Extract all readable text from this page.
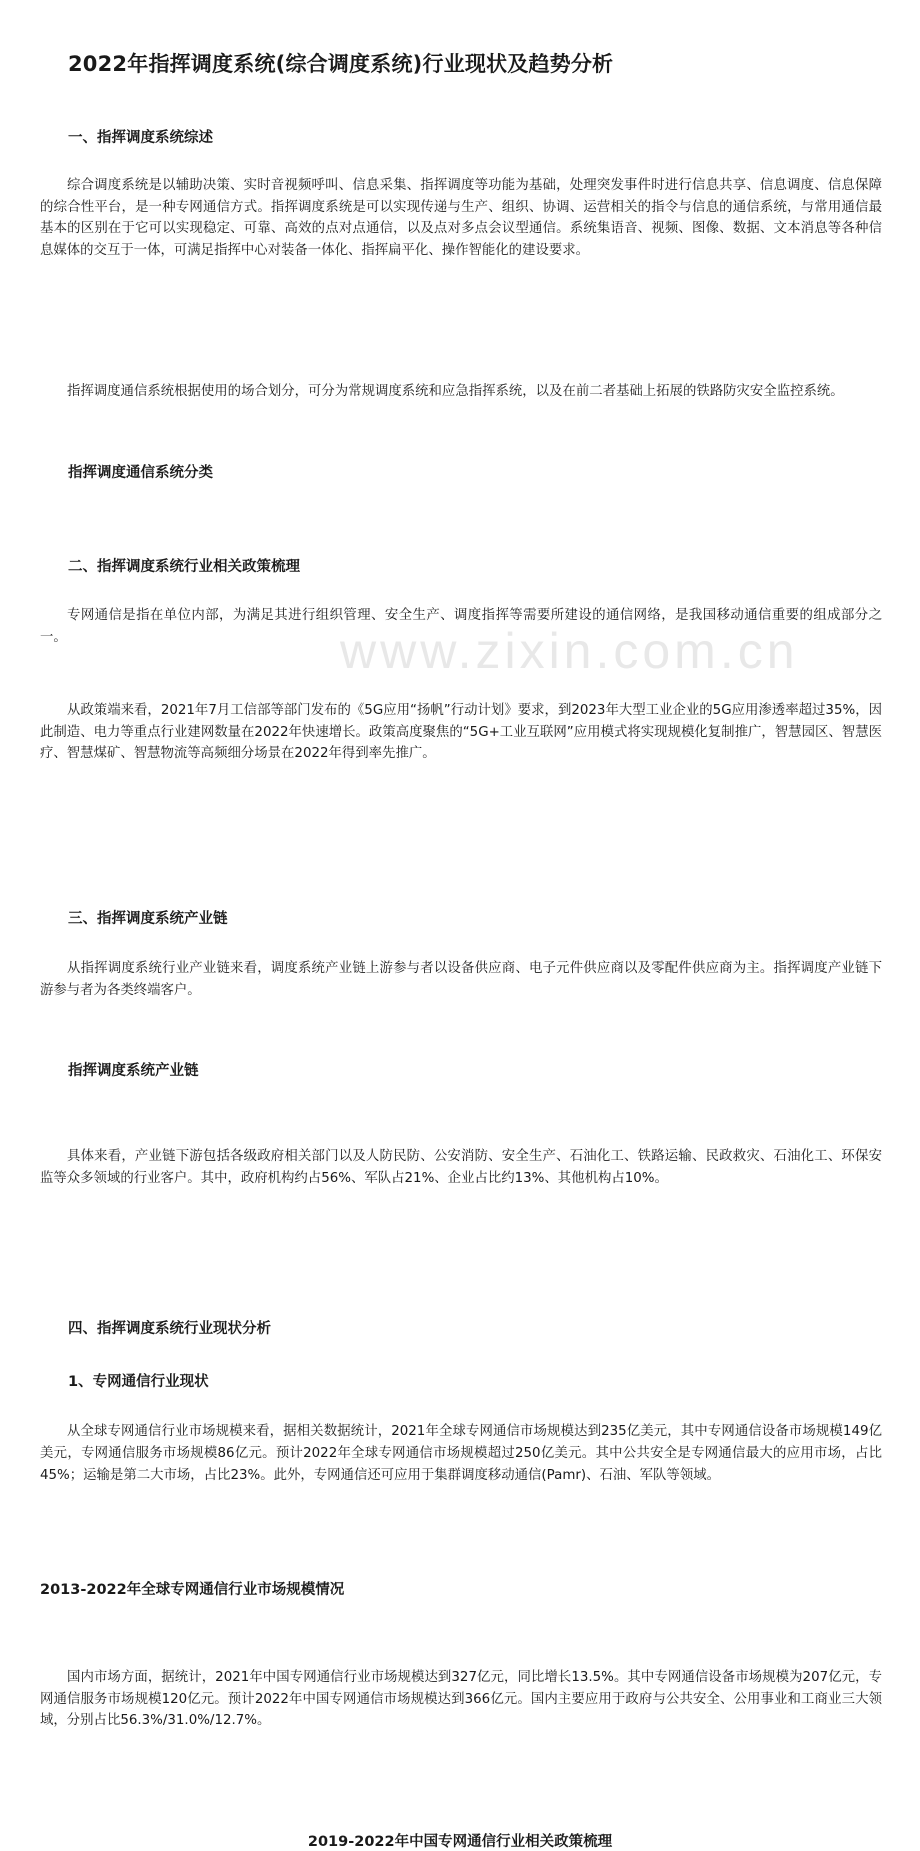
www.zixin.com.cn
2022年指挥调度系统(综合调度系统)行业现状及趋势分析
一、指挥调度系统综述
综合调度系统是以辅助决策、实时音视频呼叫、信息采集、指挥调度等功能为基础，处理突发事件时进行信息共享、信息调度、信息保障的综合性平台，是一种专网通信方式。指挥调度系统是可以实现传递与生产、组织、协调、运营相关的指令与信息的通信系统，与常用通信最基本的区别在于它可以实现稳定、可靠、高效的点对点通信，以及点对多点会议型通信。系统集语音、视频、图像、数据、文本消息等各种信息媒体的交互于一体，可满足指挥中心对装备一体化、指挥扁平化、操作智能化的建设要求。
指挥调度通信系统根据使用的场合划分，可分为常规调度系统和应急指挥系统，以及在前二者基础上拓展的铁路防灾安全监控系统。
指挥调度通信系统分类
二、指挥调度系统行业相关政策梳理
专网通信是指在单位内部，为满足其进行组织管理、安全生产、调度指挥等需要所建设的通信网络，是我国移动通信重要的组成部分之一。
从政策端来看，2021年7月工信部等部门发布的《5G应用“扬帆”行动计划》要求，到2023年大型工业企业的5G应用渗透率超过35%，因此制造、电力等重点行业建网数量在2022年快速增长。政策高度聚焦的“5G+工业互联网”应用模式将实现规模化复制推广，智慧园区、智慧医疗、智慧煤矿、智慧物流等高频细分场景在2022年得到率先推广。
三、指挥调度系统产业链
从指挥调度系统行业产业链来看，调度系统产业链上游参与者以设备供应商、电子元件供应商以及零配件供应商为主。指挥调度产业链下游参与者为各类终端客户。
指挥调度系统产业链
具体来看，产业链下游包括各级政府相关部门以及人防民防、公安消防、安全生产、石油化工、铁路运输、民政救灾、石油化工、环保安监等众多领域的行业客户。其中，政府机构约占56%、军队占21%、企业占比约13%、其他机构占10%。
四、指挥调度系统行业现状分析
1、专网通信行业现状
从全球专网通信行业市场规模来看，据相关数据统计，2021年全球专网通信市场规模达到235亿美元，其中专网通信设备市场规模149亿美元，专网通信服务市场规模86亿元。预计2022年全球专网通信市场规模超过250亿美元。其中公共安全是专网通信最大的应用市场，占比45%；运输是第二大市场，占比23%。此外，专网通信还可应用于集群调度移动通信(Pamr)、石油、军队等领域。
2013-2022年全球专网通信行业市场规模情况
国内市场方面，据统计，2021年中国专网通信行业市场规模达到327亿元，同比增长13.5%。其中专网通信设备市场规模为207亿元，专网通信服务市场规模120亿元。预计2022年中国专网通信市场规模达到366亿元。国内主要应用于政府与公共安全、公用事业和工商业三大领域，分别占比56.3%/31.0%/12.7%。
2019-2022年中国专网通信行业相关政策梳理
